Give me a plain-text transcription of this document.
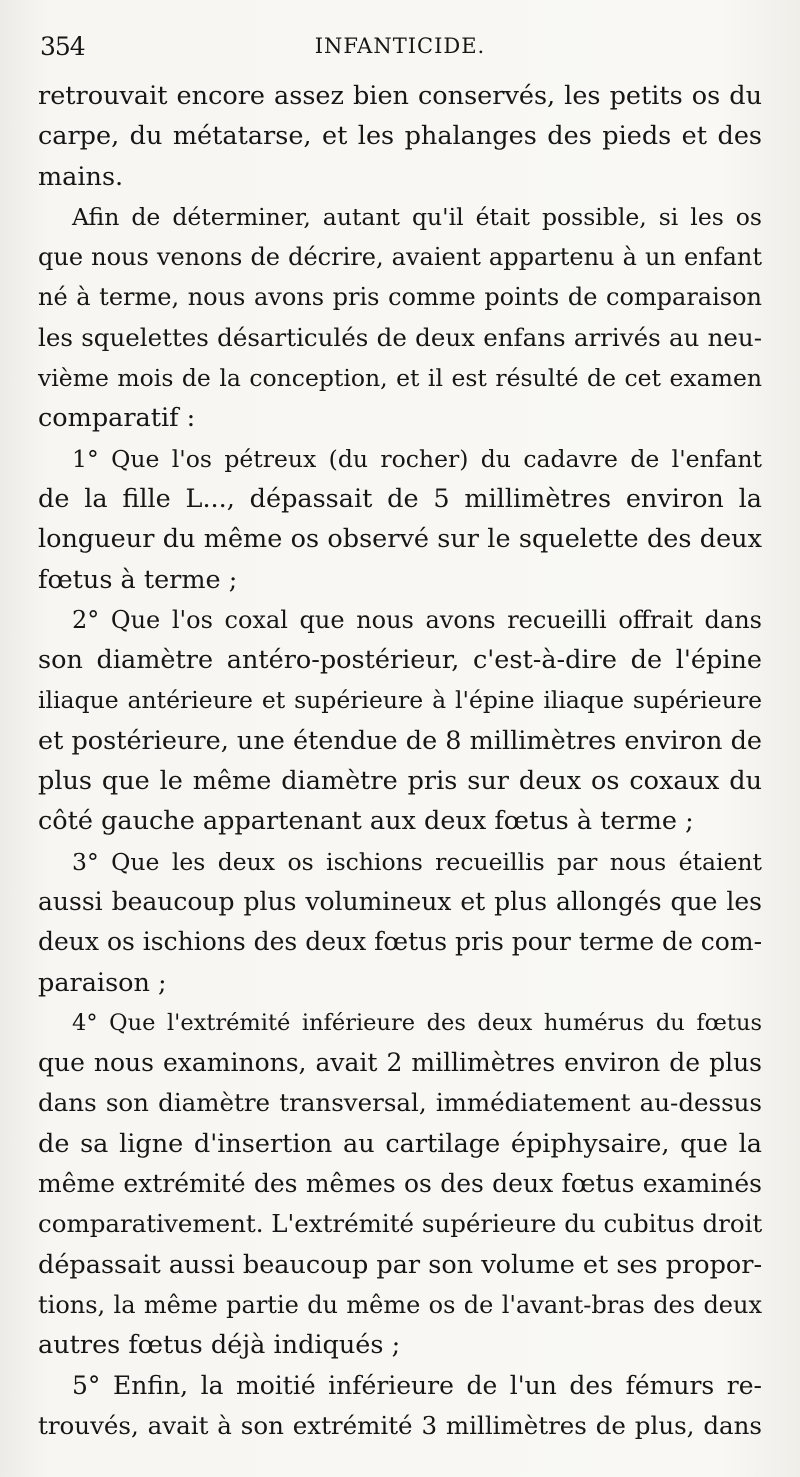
354	INFANTICIDE.
retrouvait encore assez bien conservés, les petits os du
carpe, du métatarse, et les phalanges des pieds et des
mains.
Afin de déterminer, autant qu'il était possible, si les os
que nous venons de décrire, avaient appartenu à un enfant
né à terme, nous avons pris comme points de comparaison
les squelettes désarticulés de deux enfans arrivés au neu-
vième mois de la conception, et il est résulté de cet examen
comparatif :
1° Que l'os pétreux (du rocher) du cadavre de l'enfant
de la fille L..., dépassait de 5 millimètres environ la
longueur du même os observé sur le squelette des deux
fœtus à terme ;
2° Que l'os coxal que nous avons recueilli offrait dans
son diamètre antéro-postérieur, c'est-à-dire de l'épine
iliaque antérieure et supérieure à l'épine iliaque supérieure
et postérieure, une étendue de 8 millimètres environ de
plus que le même diamètre pris sur deux os coxaux du
côté gauche appartenant aux deux fœtus à terme ;
3° Que les deux os ischions recueillis par nous étaient
aussi beaucoup plus volumineux et plus allongés que les
deux os ischions des deux fœtus pris pour terme de com-
paraison ;
4° Que l'extrémité inférieure des deux humérus du fœtus
que nous examinons, avait 2 millimètres environ de plus
dans son diamètre transversal, immédiatement au-dessus
de sa ligne d'insertion au cartilage épiphysaire, que la
même extrémité des mêmes os des deux fœtus examinés
comparativement. L'extrémité supérieure du cubitus droit
dépassait aussi beaucoup par son volume et ses propor-
tions, la même partie du même os de l'avant-bras des deux
autres fœtus déjà indiqués ;
5° Enfin, la moitié inférieure de l'un des fémurs re-
trouvés, avait à son extrémité 3 millimètres de plus, dans
